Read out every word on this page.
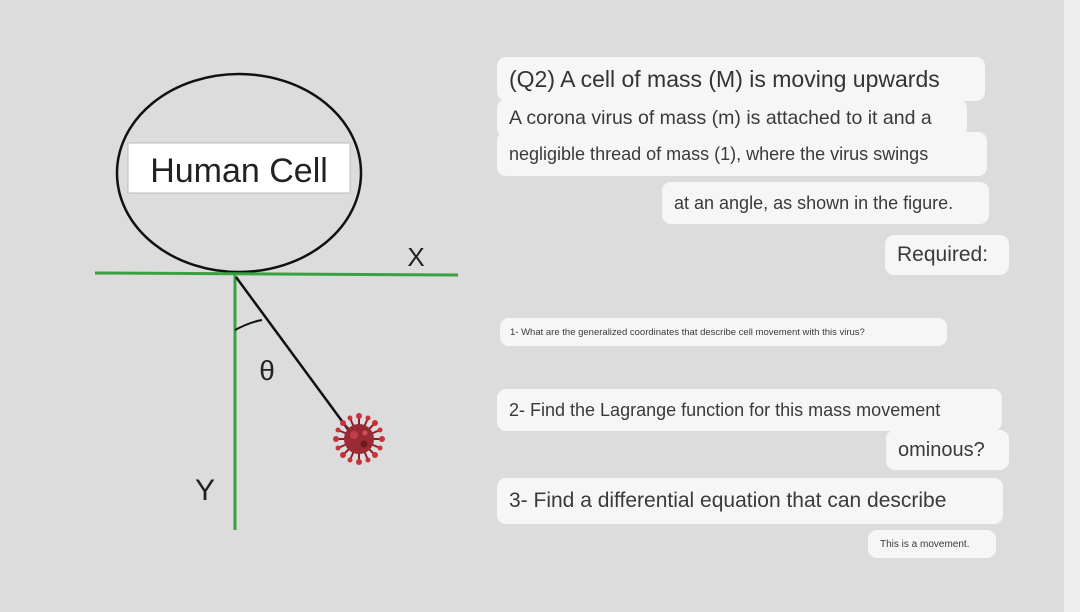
Human Cell
X
Y
θ
(Q2) A cell of mass (M) is moving upwards
A corona virus of mass (m) is attached to it and a
negligible thread of mass (1), where the virus swings
at an angle, as shown in the figure.
Required:
1- What are the generalized coordinates that describe cell movement with this virus?
2- Find the Lagrange function for this mass movement
ominous?
3- Find a differential equation that can describe
This is a movement.
